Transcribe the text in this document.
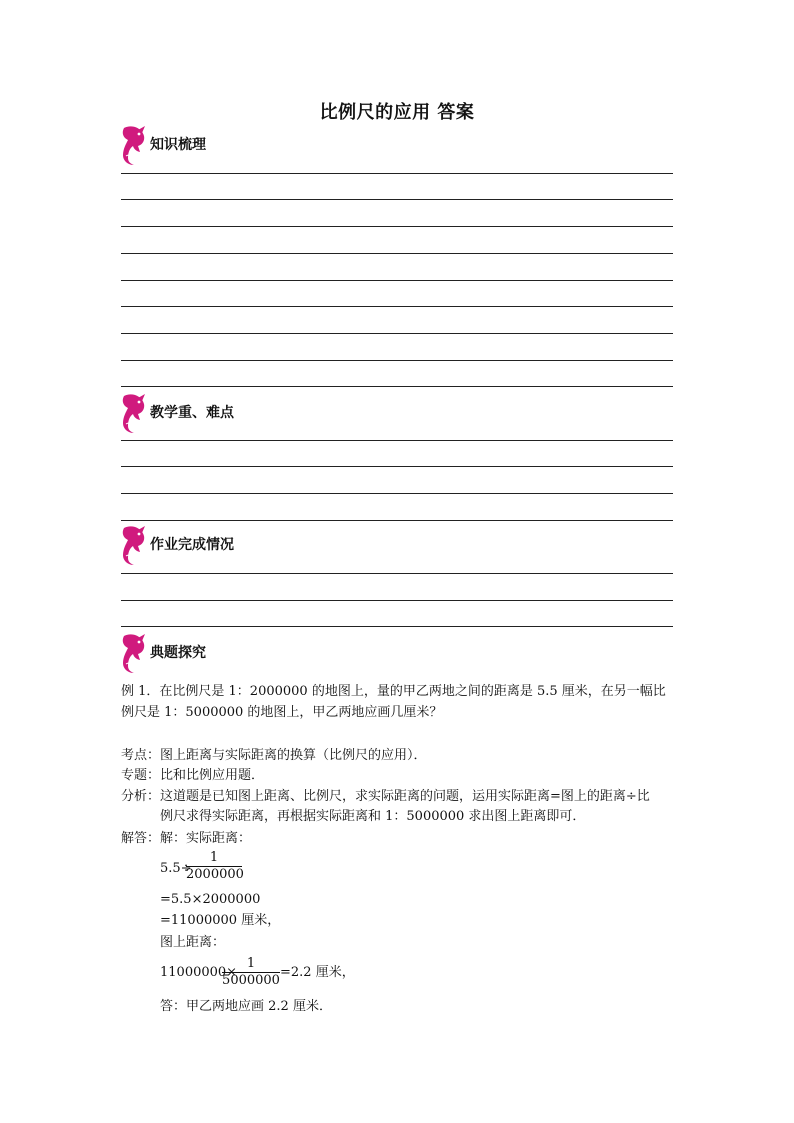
比例尺的应用 答案
知识梳理
教学重、难点
作业完成情况
典题探究
例 1．在比例尺是 1：2000000 的地图上，量的甲乙两地之间的距离是 5.5 厘米，在另一幅比
例尺是 1：5000000 的地图上，甲乙两地应画几厘米？
考点：图上距离与实际距离的换算（比例尺的应用）．
专题：比和比例应用题．
分析：这道题是已知图上距离、比例尺，求实际距离的问题，运用实际距离=图上的距离÷比
例尺求得实际距离，再根据实际距离和 1：5000000 求出图上距离即可．
解答：解：实际距离：
5.5÷
1
2000000
=5.5×2000000
=11000000 厘米，
图上距离：
11000000×
1
5000000
=2.2 厘米，
答：甲乙两地应画 2.2 厘米．
